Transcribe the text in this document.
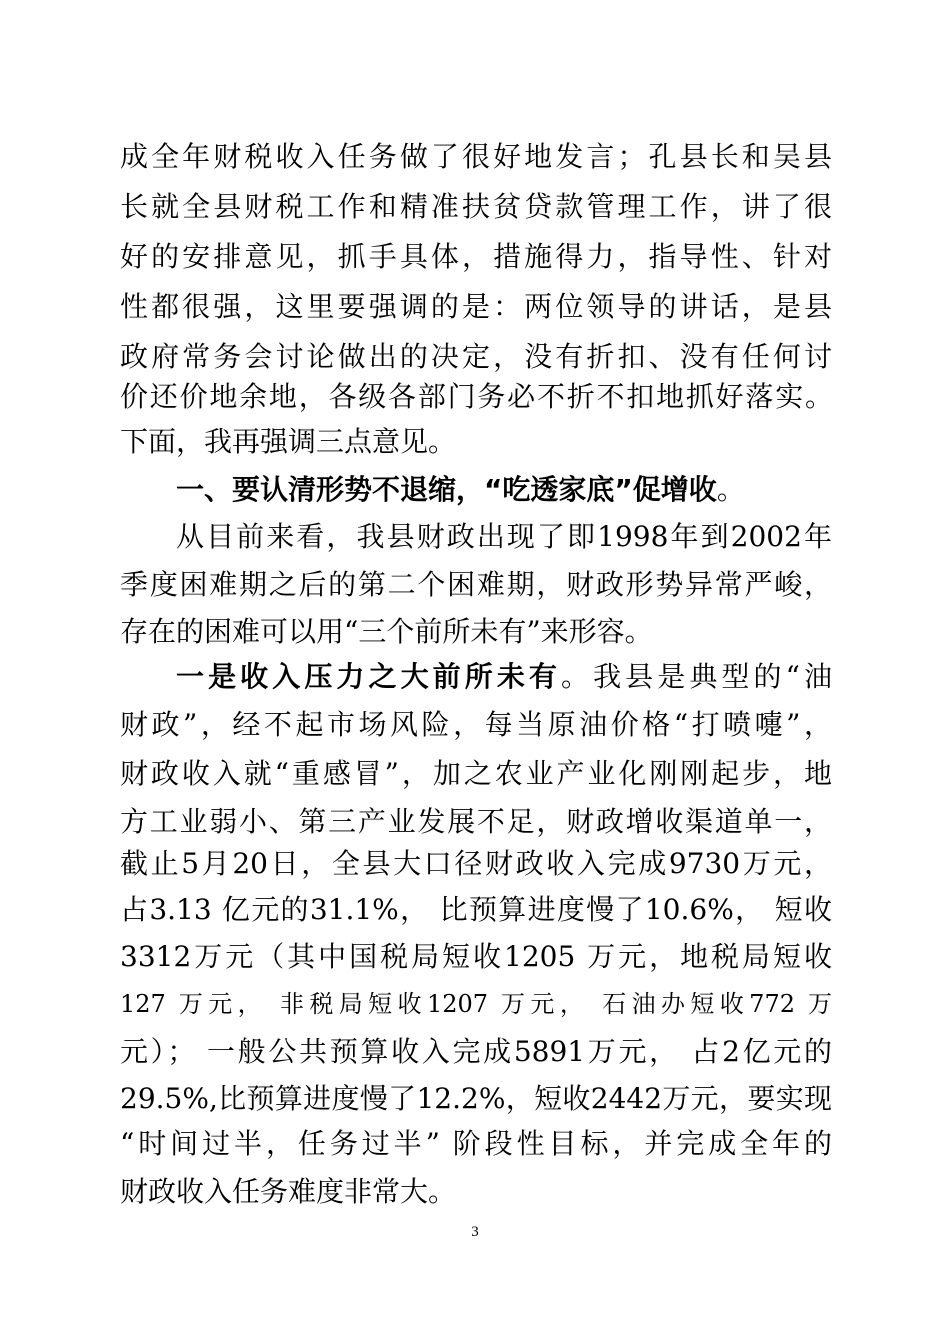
成全年财税收入任务做了很好地发言；孔县长和吴县
长就全县财税工作和精准扶贫贷款管理工作，讲了很
好的安排意见，抓手具体，措施得力，指导性、针对
性都很强，这里要强调的是：两位领导的讲话，是县
政府常务会讨论做出的决定，没有折扣、没有任何讨
价还价地余地，各级各部门务必不折不扣地抓好落实。
下面，我再强调三点意见。
一、要认清形势不退缩，“吃透家底”促增收。
从目前来看，我县财政出现了即1998年到2002年
季度困难期之后的第二个困难期，财政形势异常严峻，
存在的困难可以用“三个前所未有”来形容。
一是收入压力之大前所未有。我县是典型的“油
财政”，经不起市场风险，每当原油价格“打喷嚏”，
财政收入就“重感冒”，加之农业产业化刚刚起步，地
方工业弱小、第三产业发展不足，财政增收渠道单一，
截止5月20日，全县大口径财政收入完成9730万元，
占3.13 亿元的31.1%， 比预算进度慢了10.6%， 短收
3312万元（其中国税局短收1205 万元，地税局短收
127 万元， 非税局短收1207 万元， 石油办短收772 万
元）； 一般公共预算收入完成5891万元， 占2亿元的
29.5%,比预算进度慢了12.2%，短收2442万元，要实现
“时间过半，任务过半” 阶段性目标，并完成全年的
财政收入任务难度非常大。
3
